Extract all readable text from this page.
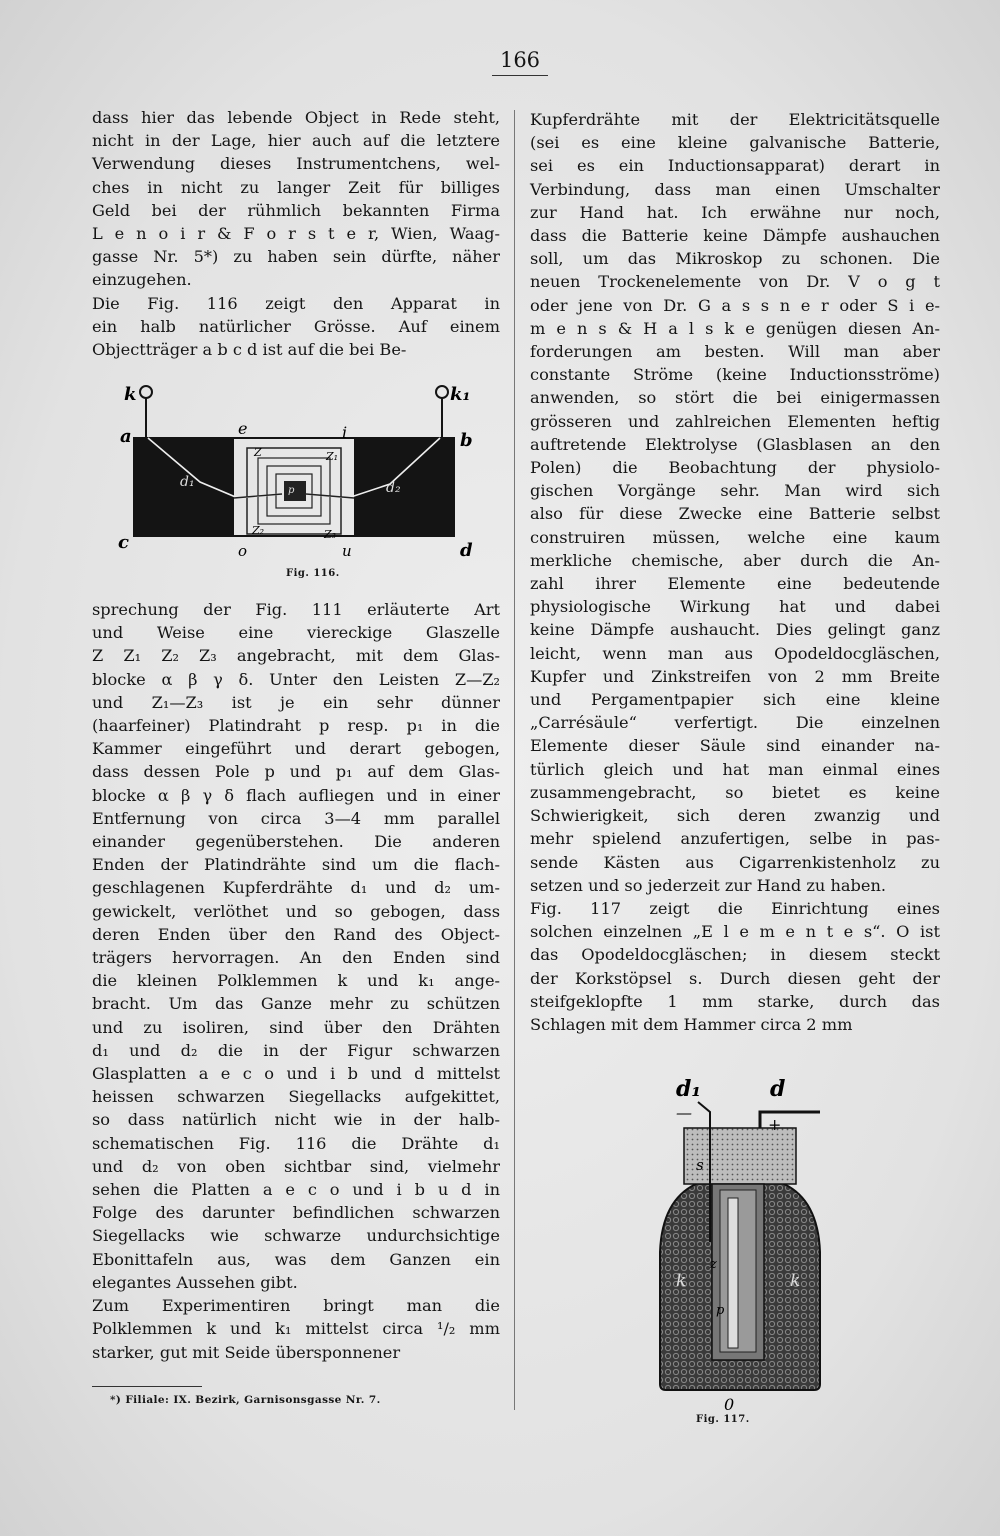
166

dass hier das lebende Object in Rede steht,

nicht in der Lage, hier auch auf die letztere

Verwendung dieses Instrumentchens, wel-

ches in nicht zu langer Zeit für billiges

Geld bei der rühmlich bekannten Firma

L e n o i r & F o r s t e r, Wien, Waag-

gasse Nr. 5*) zu haben sein dürfte, näher

einzugehen.

Die Fig. 116 zeigt den Apparat in

ein halb natürlicher Grösse. Auf einem

Objectträger a b c d ist auf die bei Be-

k	k₁
a	b
c	d
e	i
o	u
d₁	d₂
Z	Z₁
Z₂	Z₃
p
Fig. 116.

sprechung der Fig. 111 erläuterte Art

und Weise eine viereckige Glaszelle

Z Z₁ Z₂ Z₃ angebracht, mit dem Glas-

blocke α β γ δ. Unter den Leisten Z—Z₂

und Z₁—Z₃ ist je ein sehr dünner

(haarfeiner) Platindraht p resp. p₁ in die

Kammer eingeführt und derart gebogen,

dass dessen Pole p und p₁ auf dem Glas-

blocke α β γ δ flach aufliegen und in einer

Entfernung von circa 3—4 mm parallel

einander gegenüberstehen. Die anderen

Enden der Platindrähte sind um die flach-

geschlagenen Kupferdrähte d₁ und d₂ um-

gewickelt, verlöthet und so gebogen, dass

deren Enden über den Rand des Object-

trägers hervorragen. An den Enden sind

die kleinen Polklemmen k und k₁ ange-

bracht. Um das Ganze mehr zu schützen

und zu isoliren, sind über den Drähten

d₁ und d₂ die in der Figur schwarzen

Glasplatten a e c o und i b und d mittelst

heissen schwarzen Siegellacks aufgekittet,

so dass natürlich nicht wie in der halb-

schematischen Fig. 116 die Drähte d₁

und d₂ von oben sichtbar sind, vielmehr

sehen die Platten a e c o und i b u d in

Folge des darunter befindlichen schwarzen

Siegellacks wie schwarze undurchsichtige

Ebonittafeln aus, was dem Ganzen ein

elegantes Aussehen gibt.

Zum Experimentiren bringt man die

Polklemmen k und k₁ mittelst circa ¹/₂ mm

starker, gut mit Seide übersponnener

*) Filiale: IX. Bezirk, Garnisonsgasse Nr. 7.

Kupferdrähte mit der Elektricitätsquelle

(sei es eine kleine galvanische Batterie,

sei es ein Inductionsapparat) derart in

Verbindung, dass man einen Umschalter

zur Hand hat. Ich erwähne nur noch,

dass die Batterie keine Dämpfe aushauchen

soll, um das Mikroskop zu schonen. Die

neuen Trockenelemente von Dr. V o g t

oder jene von Dr. G a s s n e r oder S i e-

m e n s & H a l s k e genügen diesen An-

forderungen am besten. Will man aber

constante Ströme (keine Inductionsströme)

anwenden, so stört die bei einigermassen

grösseren und zahlreichen Elementen heftig

auftretende Elektrolyse (Glasblasen an den

Polen) die Beobachtung der physiolo-

gischen Vorgänge sehr. Man wird sich

also für diese Zwecke eine Batterie selbst

construiren müssen, welche eine kaum

merkliche chemische, aber durch die An-

zahl ihrer Elemente eine bedeutende

physiologische Wirkung hat und dabei

keine Dämpfe aushaucht. Dies gelingt ganz

leicht, wenn man aus Opodeldocgläschen,

Kupfer und Zinkstreifen von 2 mm Breite

und Pergamentpapier sich eine kleine

„Carrésäule“ verfertigt. Die einzelnen

Elemente dieser Säule sind einander na-

türlich gleich und hat man einmal eines

zusammengebracht, so bietet es keine

Schwierigkeit, sich deren zwanzig und

mehr spielend anzufertigen, selbe in pas-

sende Kästen aus Cigarrenkistenholz zu

setzen und so jederzeit zur Hand zu haben.

Fig. 117 zeigt die Einrichtung eines

solchen einzelnen „E l e m e n t e s“. O ist

das Opodeldocgläschen; in diesem steckt

der Korkstöpsel s. Durch diesen geht der

steifgeklopfte 1 mm starke, durch das

Schlagen mit dem Hammer circa 2 mm

d₁	d
—
+
s
k	k
z
p
0
Fig. 117.
